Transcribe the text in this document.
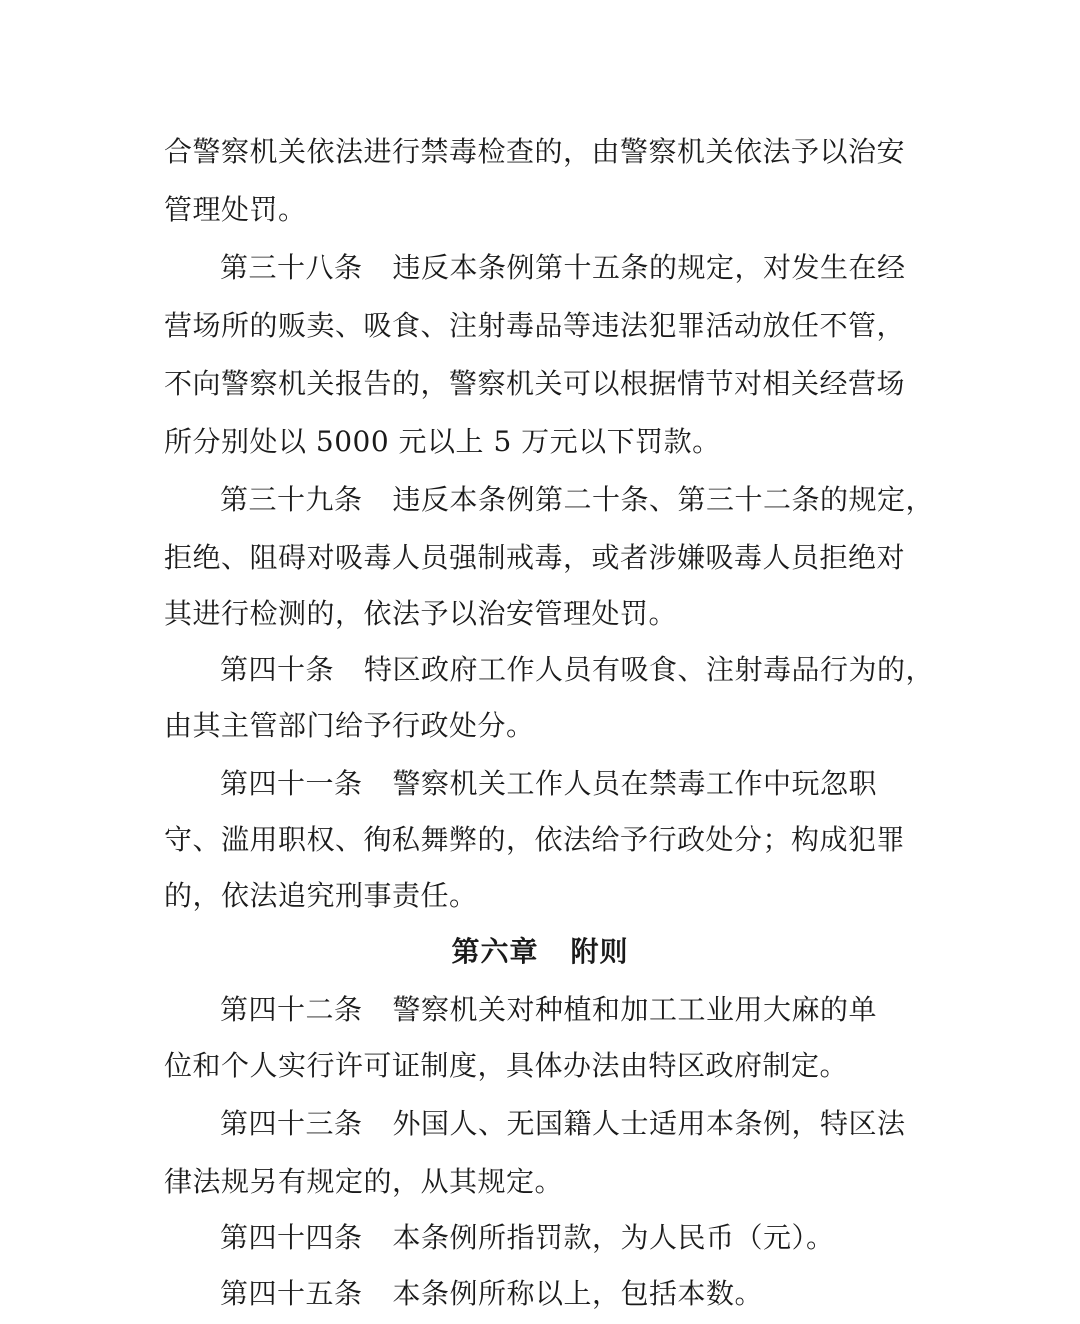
合警察机关依法进行禁毒检查的，由警察机关依法予以治安
管理处罚。
第三十八条 违反本条例第十五条的规定，对发生在经
营场所的贩卖、吸食、注射毒品等违法犯罪活动放任不管，
不向警察机关报告的，警察机关可以根据情节对相关经营场
所分别处以 5000 元以上 5 万元以下罚款。
第三十九条 违反本条例第二十条、第三十二条的规定，
拒绝、阻碍对吸毒人员强制戒毒，或者涉嫌吸毒人员拒绝对
其进行检测的，依法予以治安管理处罚。
第四十条 特区政府工作人员有吸食、注射毒品行为的，
由其主管部门给予行政处分。
第四十一条 警察机关工作人员在禁毒工作中玩忽职
守、滥用职权、徇私舞弊的，依法给予行政处分；构成犯罪
的，依法追究刑事责任。
第六章 附则
第四十二条 警察机关对种植和加工工业用大麻的单
位和个人实行许可证制度，具体办法由特区政府制定。
第四十三条 外国人、无国籍人士适用本条例，特区法
律法规另有规定的，从其规定。
第四十四条 本条例所指罚款，为人民币（元）。
第四十五条 本条例所称以上，包括本数。
